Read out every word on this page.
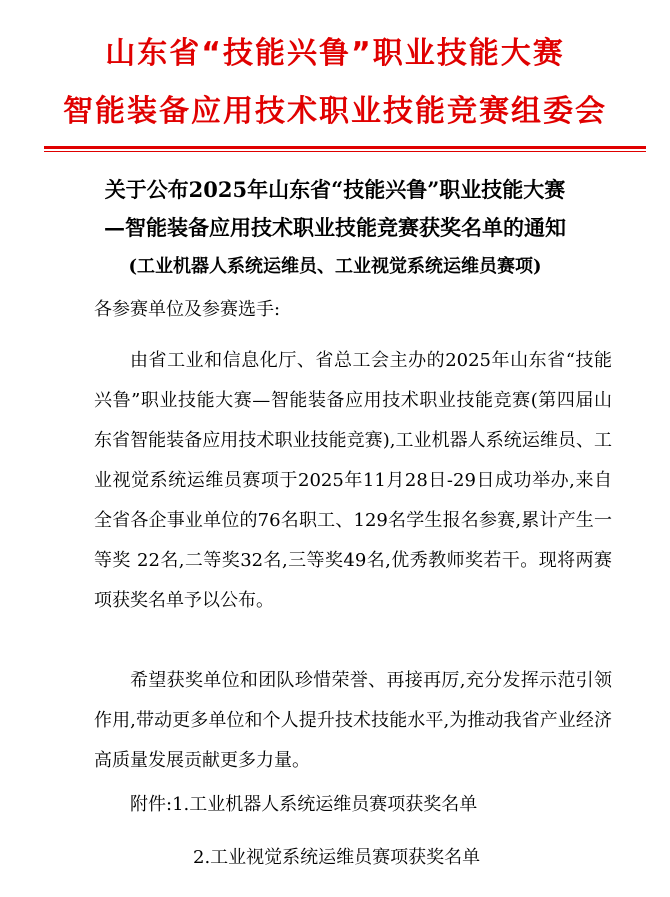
山东省“技能兴鲁”职业技能大赛
智能装备应用技术职业技能竞赛组委会
关于公布2025年山东省“技能兴鲁”职业技能大赛
—智能装备应用技术职业技能竞赛获奖名单的通知
(工业机器人系统运维员、工业视觉系统运维员赛项)
各参赛单位及参赛选手:
由省工业和信息化厅、省总工会主办的2025年山东省“技能兴鲁”职业技能大赛—智能装备应用技术职业技能竞赛(第四届山东省智能装备应用技术职业技能竞赛),工业机器人系统运维员、工业视觉系统运维员赛项于2025年11月28日-29日成功举办,来自全省各企事业单位的76名职工、129名学生报名参赛,累计产生一等奖 22名,二等奖32名,三等奖49名,优秀教师奖若干。现将两赛项获奖名单予以公布。
希望获奖单位和团队珍惜荣誉、再接再厉,充分发挥示范引领作用,带动更多单位和个人提升技术技能水平,为推动我省产业经济高质量发展贡献更多力量。
附件:1.工业机器人系统运维员赛项获奖名单
2.工业视觉系统运维员赛项获奖名单
